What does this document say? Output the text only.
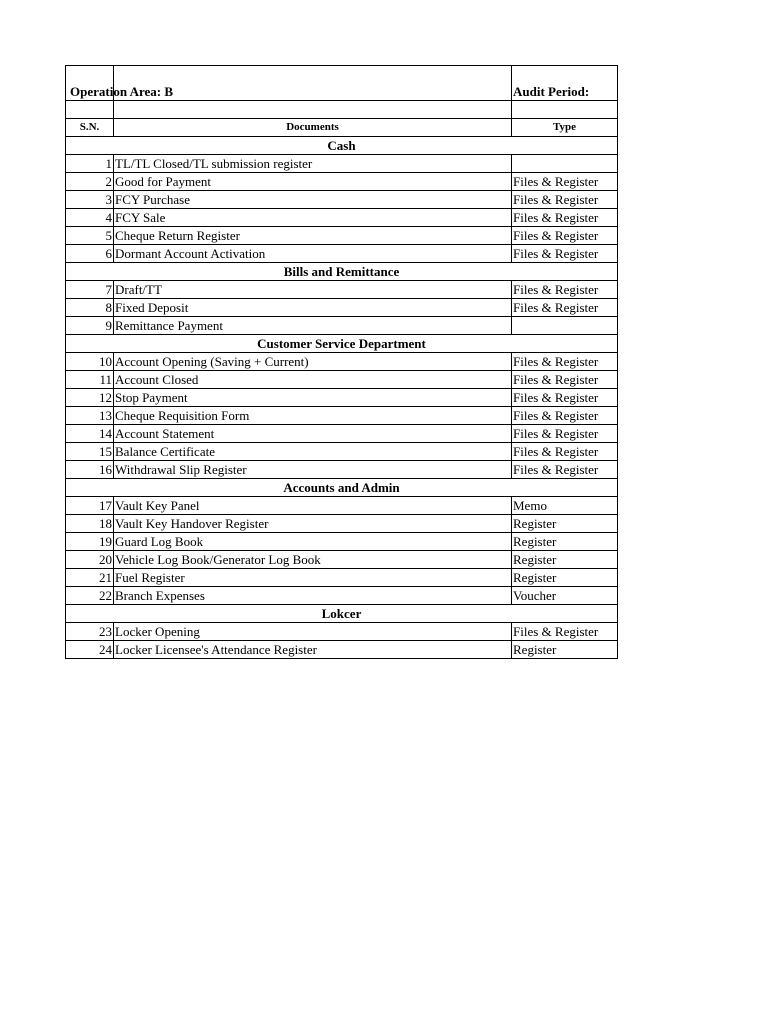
		Audit Period:

S.N.	Documents	Type
Cash		
1	TL/TL Closed/TL submission register	
2	Good for Payment	Files & Register
3	FCY Purchase	Files & Register
4	FCY Sale	Files & Register
5	Cheque Return Register	Files & Register
6	Dormant Account Activation	Files & Register
Bills and Remittance		
7	Draft/TT	Files & Register
8	Fixed Deposit	Files & Register
9	Remittance Payment	
Customer Service Department		
10	Account Opening (Saving + Current)	Files & Register
11	Account Closed	Files & Register
12	Stop Payment	Files & Register
13	Cheque Requisition Form	Files & Register
14	Account Statement	Files & Register
15	Balance Certificate	Files & Register
16	Withdrawal Slip Register	Files & Register
Accounts and Admin		
17	Vault Key Panel	Memo
18	Vault Key Handover Register	Register
19	Guard Log Book	Register
20	Vehicle Log Book/Generator Log Book	Register
21	Fuel Register	Register
22	Branch Expenses	Voucher
Lokcer		
23	Locker Opening	Files & Register
24	Locker Licensee's Attendance Register	Register
Operation Area: B
